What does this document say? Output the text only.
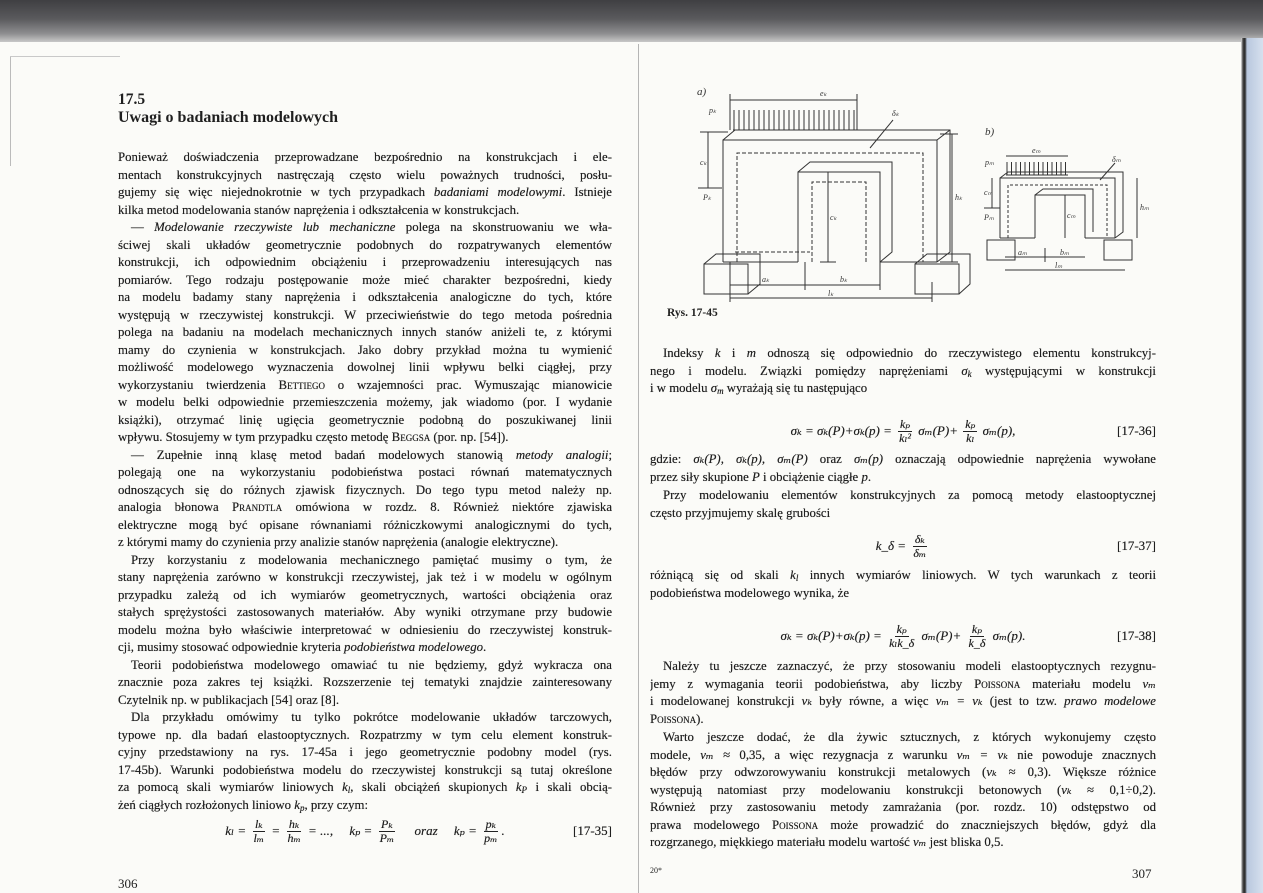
17.5
Uwagi o badaniach modelowych
Ponieważ doświadczenia przeprowadzane bezpośrednio na konstrukcjach i ele-
mentach konstrukcyjnych nastręczają często wielu poważnych trudności, posłu-
gujemy się więc niejednokrotnie w tych przypadkach badaniami modelowymi. Istnieje
kilka metod modelowania stanów naprężenia i odkształcenia w konstrukcjach.
— Modelowanie rzeczywiste lub mechaniczne polega na skonstruowaniu we wła-
ściwej skali układów geometrycznie podobnych do rozpatrywanych elementów
konstrukcji, ich odpowiednim obciążeniu i przeprowadzeniu interesujących nas
pomiarów. Tego rodzaju postępowanie może mieć charakter bezpośredni, kiedy
na modelu badamy stany naprężenia i odkształcenia analogiczne do tych, które
występują w rzeczywistej konstrukcji. W przeciwieństwie do tego metoda pośrednia
polega na badaniu na modelach mechanicznych innych stanów aniżeli te, z którymi
mamy do czynienia w konstrukcjach. Jako dobry przykład można tu wymienić
możliwość modelowego wyznaczenia dowolnej linii wpływu belki ciągłej, przy
wykorzystaniu twierdzenia Bettiego o wzajemności prac. Wymuszając mianowicie
w modelu belki odpowiednie przemieszczenia możemy, jak wiadomo (por. I wydanie
książki), otrzymać linię ugięcia geometrycznie podobną do poszukiwanej linii
wpływu. Stosujemy w tym przypadku często metodę Beggsa (por. np. [54]).
— Zupełnie inną klasę metod badań modelowych stanowią metody analogii;
polegają one na wykorzystaniu podobieństwa postaci równań matematycznych
odnoszących się do różnych zjawisk fizycznych. Do tego typu metod należy np.
analogia błonowa Prandtla omówiona w rozdz. 8. Również niektóre zjawiska
elektryczne mogą być opisane równaniami różniczkowymi analogicznymi do tych,
z którymi mamy do czynienia przy analizie stanów naprężenia (analogie elektryczne).
Przy korzystaniu z modelowania mechanicznego pamiętać musimy o tym, że
stany naprężenia zarówno w konstrukcji rzeczywistej, jak też i w modelu w ogólnym
przypadku zależą od ich wymiarów geometrycznych, wartości obciążenia oraz
stałych sprężystości zastosowanych materiałów. Aby wyniki otrzymane przy budowie
modelu można było właściwie interpretować w odniesieniu do rzeczywistej konstruk-
cji, musimy stosować odpowiednie kryteria podobieństwa modelowego.
Teorii podobieństwa modelowego omawiać tu nie będziemy, gdyż wykracza ona
znacznie poza zakres tej książki. Rozszerzenie tej tematyki znajdzie zainteresowany
Czytelnik np. w publikacjach [54] oraz [8].
Dla przykładu omówimy tu tylko pokrótce modelowanie układów tarczowych,
typowe np. dla badań elastooptycznych. Rozpatrzmy w tym celu element konstruk-
cyjny przedstawiony na rys. 17-45a i jego geometrycznie podobny model (rys.
17-45b). Warunki podobieństwa modelu do rzeczywistej konstrukcji są tutaj określone
za pomocą skali wymiarów liniowych $k_l$, skali obciążeń skupionych $k_P$ i skali obcią-
żeń ciągłych rozłożonych liniowo $k_p$, przy czym:
$k_l = \frac{\text{lₖ}}{\text{lₘ}} = \frac{\text{hₖ}}{\text{hₘ}}$ = ...,     $k_p = \frac{\text{Pₖ}}{\text{Pₘ}}$ oraz     $k_p = \frac{\text{pₖ}}{\text{pₘ}}$ .	[17-35]
306
a)
b)
eₖ
pₖ
cₖ
Pₖ
cₖ
hₖ
aₖ	bₖ
lₖ
δₖ
eₘ
pₘ
cₘ
Pₘ	cₘ
hₘ
aₘ	bₘ
lₘ
δₘ
Rys. 17-45
Indeksy k i m odnoszą się odpowiednio do rzeczywistego elementu konstrukcyj-
nego i modelu. Związki pomiędzy naprężeniami $\sigma_k$ występującymi w konstrukcji
i w modelu $\sigma_m$ wyrażają się tu następująco
$\sigma_k = \sigma_k(P)+\sigma_k(p) = \frac{\text{kₚ}}{\text{kₗ²}} \sigma_m(P)+ \frac{\text{kₚ}}{\text{kₗ}} \sigma_m(p)$,	[17-36]
gdzie: σₖ(P), σₖ(p), σₘ(P) oraz σₘ(p) oznaczają odpowiednie naprężenia wywołane
przez siły skupione P i obciążenie ciągłe p.
Przy modelowaniu elementów konstrukcyjnych za pomocą metody elastooptycznej
często przyjmujemy skalę grubości
k_δ = $\frac{\text{δₖ}}{\text{δₘ}}$	[17-37]
różniącą się od skali $k_l$ innych wymiarów liniowych. W tych warunkach z teorii
podobieństwa modelowego wynika, że
$\sigma_k = \sigma_k(P)+\sigma_k(p) = \frac{\text{kₚ}}{\text{kₗk\_δ}} \sigma_m(P)+ \frac{\text{kₚ}}{k\_\delta} \sigma_m(p)$.	[17-38]
Należy tu jeszcze zaznaczyć, że przy stosowaniu modeli elastooptycznych rezygnu-
jemy z wymagania teorii podobieństwa, aby liczby Poissona materiału modelu νₘ
i modelowanej konstrukcji νₖ były równe, a więc νₘ = νₖ (jest to tzw. prawo modelowe
Poissona).
Warto jeszcze dodać, że dla żywic sztucznych, z których wykonujemy często
modele, νₘ ≈ 0,35, a więc rezygnacja z warunku νₘ = νₖ nie powoduje znacznych
błędów przy odwzorowywaniu konstrukcji metalowych (νₖ ≈ 0,3). Większe różnice
występują natomiast przy modelowaniu konstrukcji betonowych (νₖ ≈ 0,1÷0,2).
Również przy zastosowaniu metody zamrażania (por. rozdz. 10) odstępstwo od
prawa modelowego Poissona może prowadzić do znaczniejszych błędów, gdyż dla
rozgrzanego, miękkiego materiału modelu wartość νₘ jest bliska 0,5.
20*	307
